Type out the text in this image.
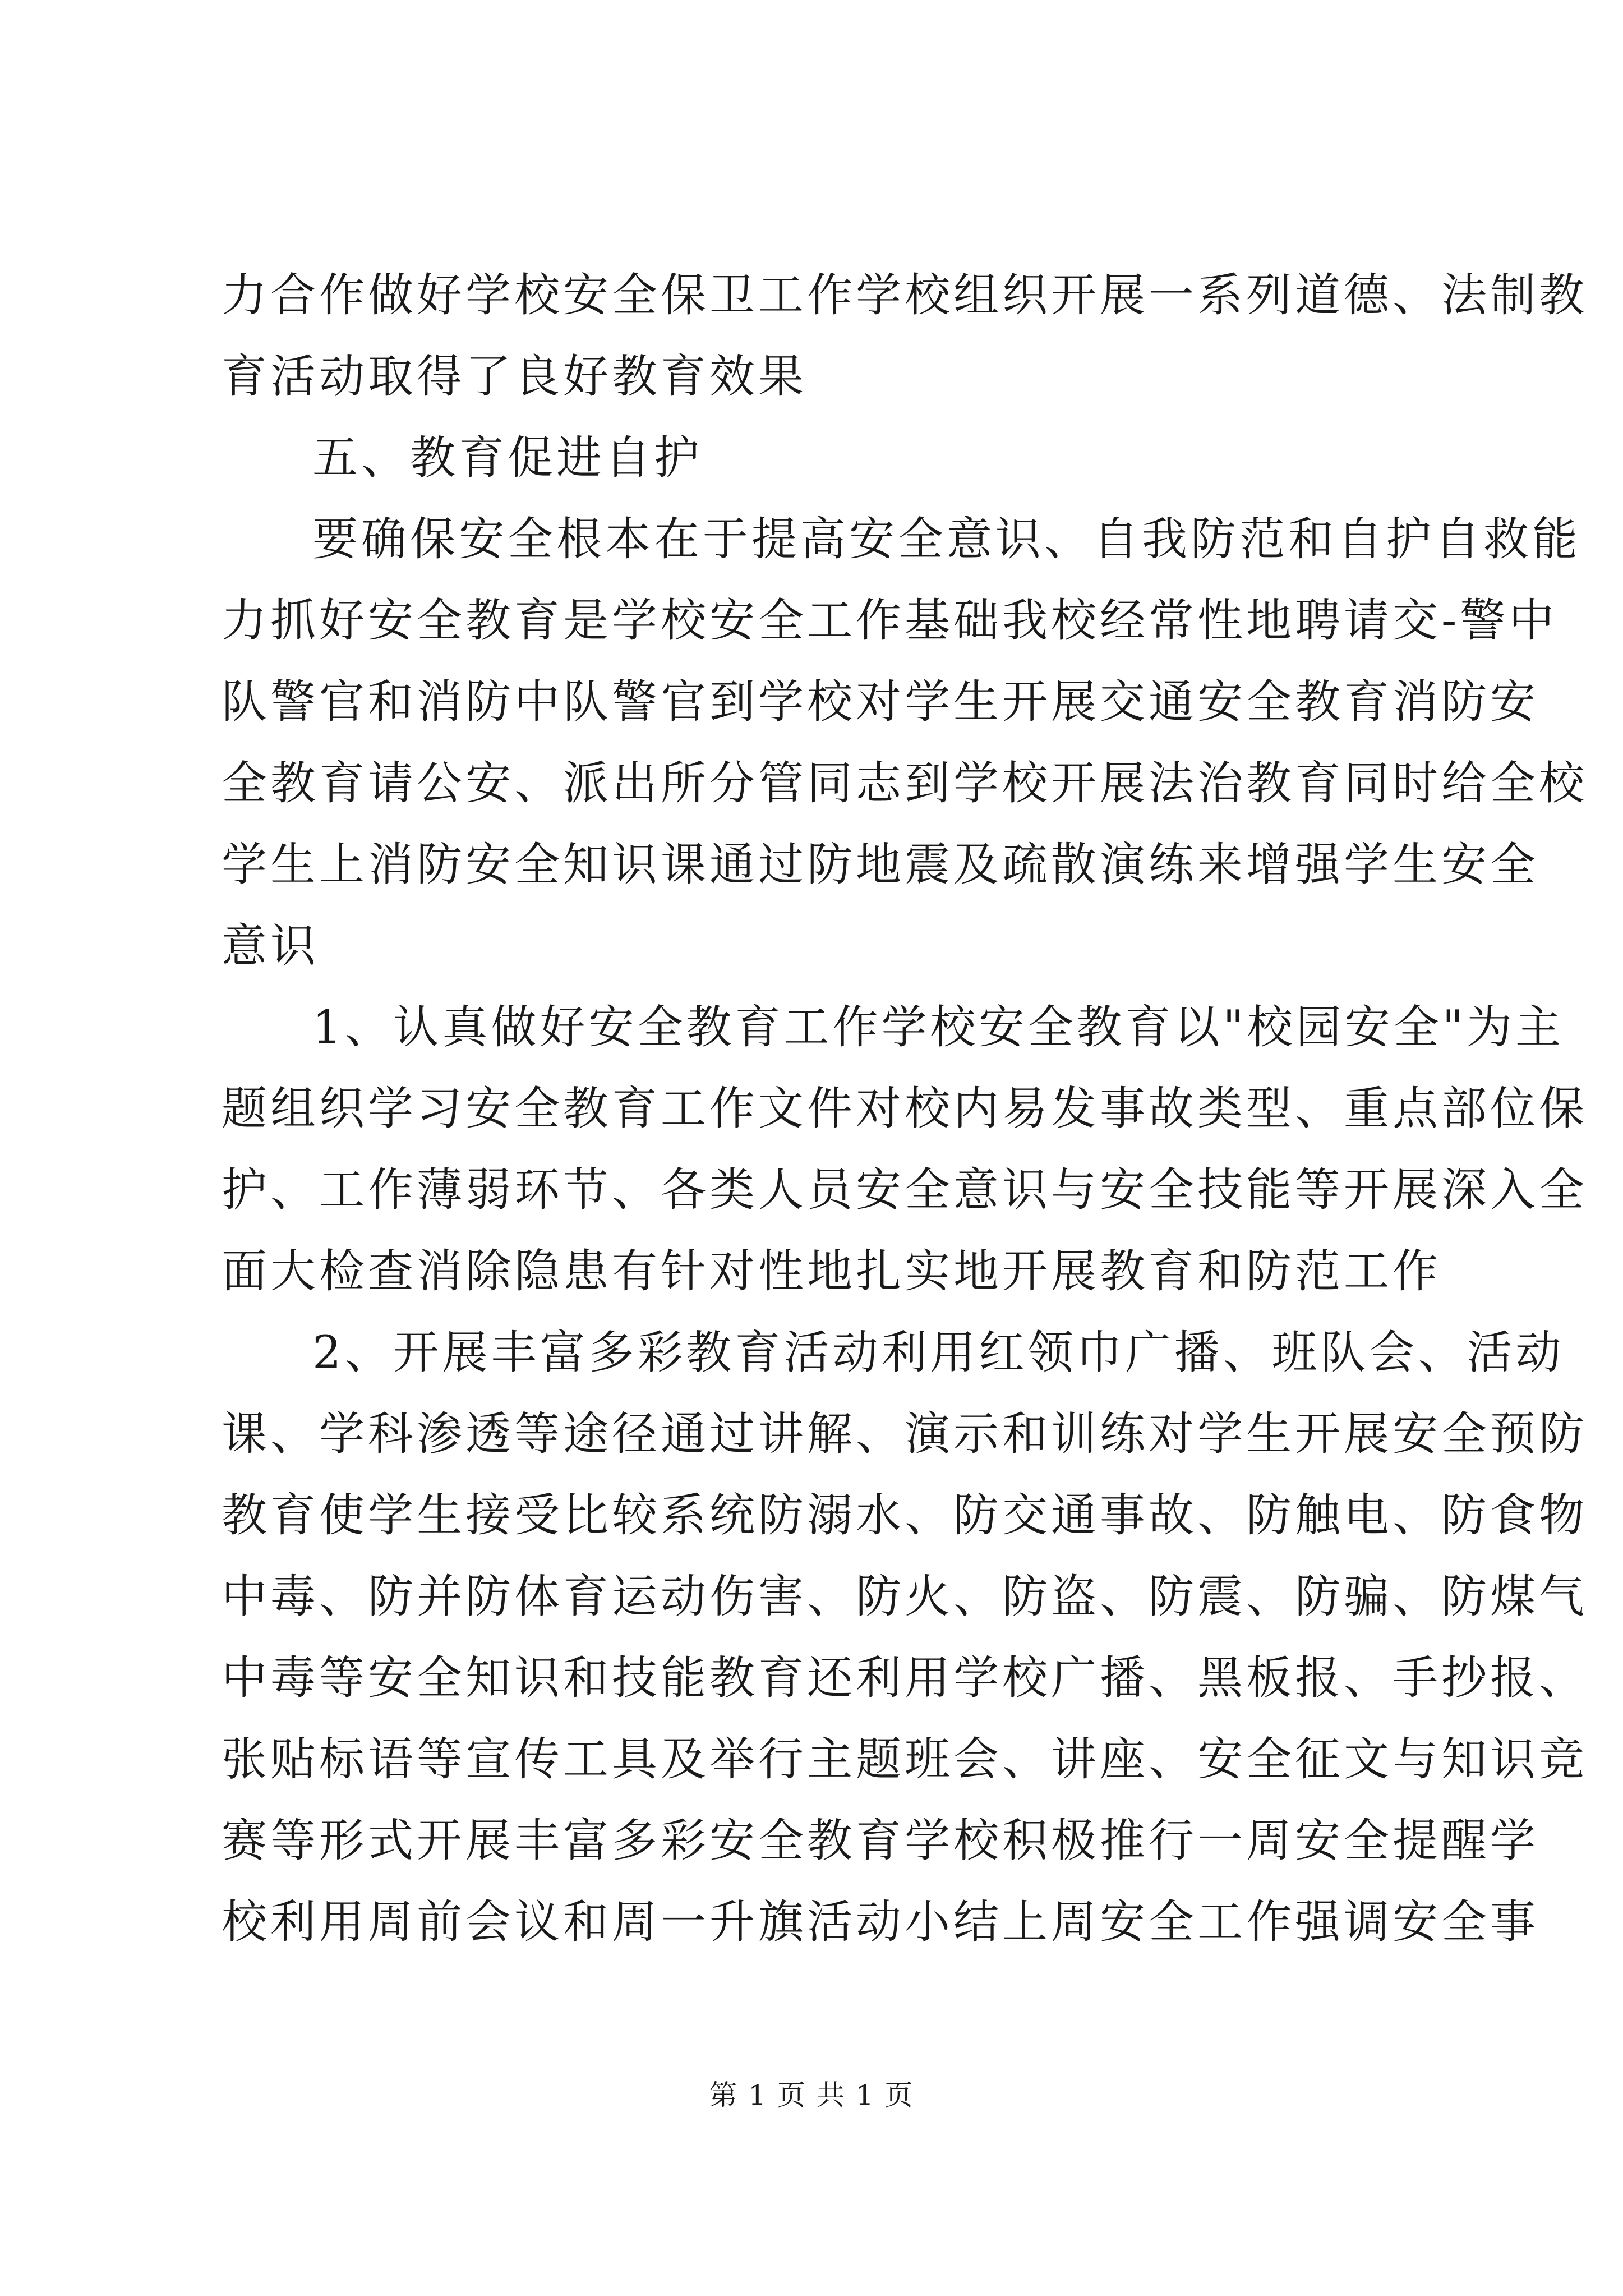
力合作做好学校安全保卫工作学校组织开展一系列道德、法制教

育活动取得了良好教育效果

五、教育促进自护

要确保安全根本在于提高安全意识、自我防范和自护自救能

力抓好安全教育是学校安全工作基础我校经常性地聘请交-警中

队警官和消防中队警官到学校对学生开展交通安全教育消防安

全教育请公安、派出所分管同志到学校开展法治教育同时给全校

学生上消防安全知识课通过防地震及疏散演练来增强学生安全

意识

1、认真做好安全教育工作学校安全教育以"校园安全"为主

题组织学习安全教育工作文件对校内易发事故类型、重点部位保

护、工作薄弱环节、各类人员安全意识与安全技能等开展深入全

面大检查消除隐患有针对性地扎实地开展教育和防范工作

2、开展丰富多彩教育活动利用红领巾广播、班队会、活动

课、学科渗透等途径通过讲解、演示和训练对学生开展安全预防

教育使学生接受比较系统防溺水、防交通事故、防触电、防食物

中毒、防并防体育运动伤害、防火、防盗、防震、防骗、防煤气

中毒等安全知识和技能教育还利用学校广播、黑板报、手抄报、

张贴标语等宣传工具及举行主题班会、讲座、安全征文与知识竞

赛等形式开展丰富多彩安全教育学校积极推行一周安全提醒学

校利用周前会议和周一升旗活动小结上周安全工作强调安全事

第 1 页 共 1 页
